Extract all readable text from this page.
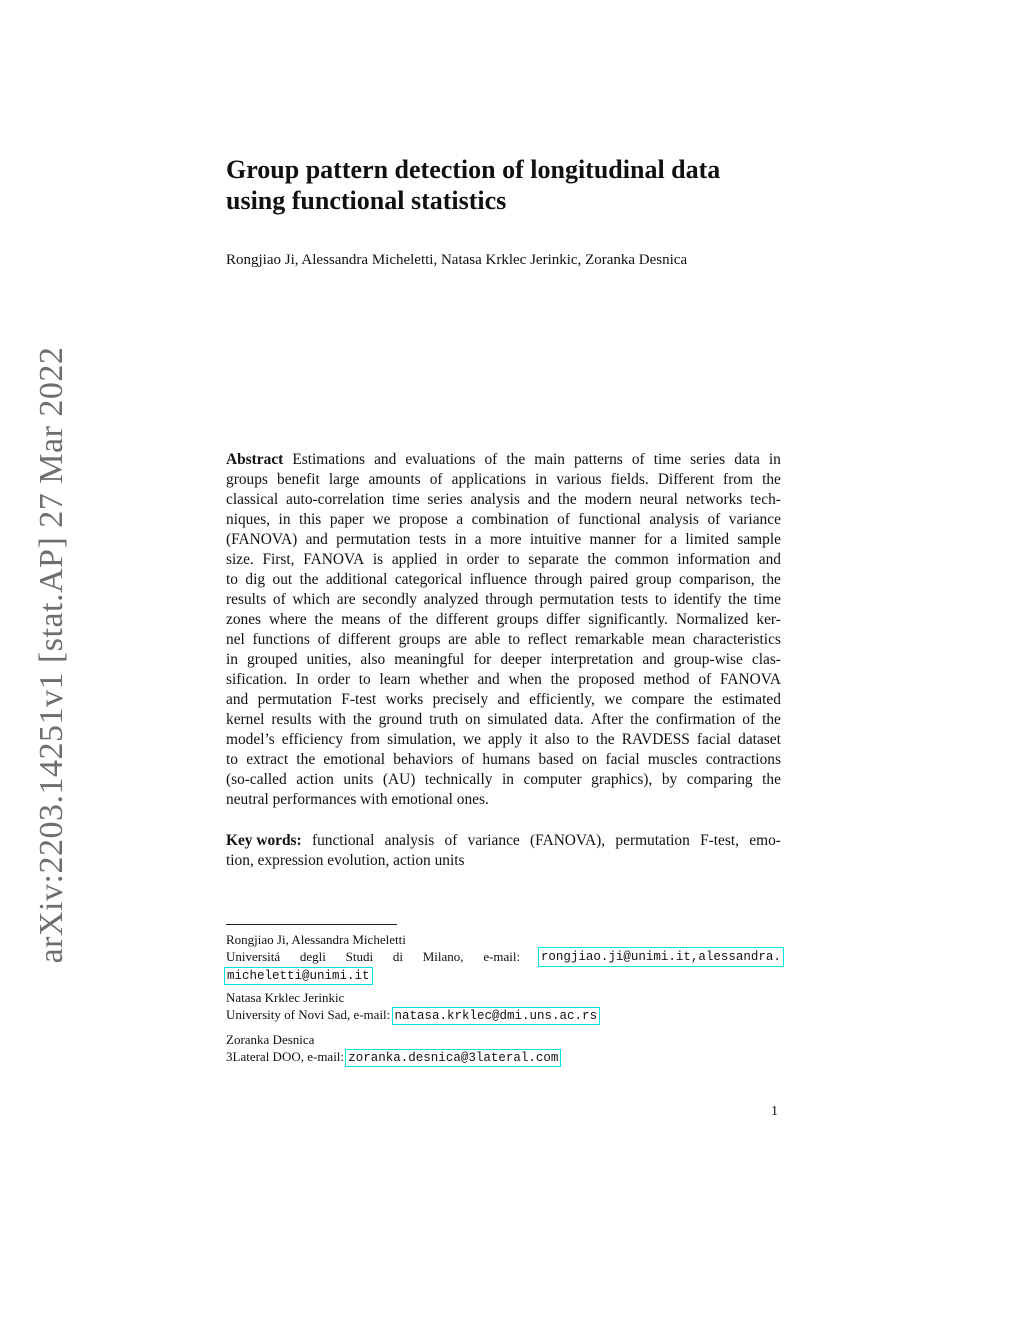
arXiv:2203.14251v1 [stat.AP] 27 Mar 2022
Group pattern detection of longitudinal data
using functional statistics
Rongjiao Ji, Alessandra Micheletti, Natasa Krklec Jerinkic, Zoranka Desnica
Abstract Estimations and evaluations of the main patterns of time series data in
groups benefit large amounts of applications in various fields. Different from the
classical auto-correlation time series analysis and the modern neural networks tech-
niques, in this paper we propose a combination of functional analysis of variance
(FANOVA) and permutation tests in a more intuitive manner for a limited sample
size. First, FANOVA is applied in order to separate the common information and
to dig out the additional categorical influence through paired group comparison, the
results of which are secondly analyzed through permutation tests to identify the time
zones where the means of the different groups differ significantly. Normalized ker-
nel functions of different groups are able to reflect remarkable mean characteristics
in grouped unities, also meaningful for deeper interpretation and group-wise clas-
sification. In order to learn whether and when the proposed method of FANOVA
and permutation F-test works precisely and efficiently, we compare the estimated
kernel results with the ground truth on simulated data. After the confirmation of the
model’s efficiency from simulation, we apply it also to the RAVDESS facial dataset
to extract the emotional behaviors of humans based on facial muscles contractions
(so-called action units (AU) technically in computer graphics), by comparing the
neutral performances with emotional ones.
Key words: functional analysis of variance (FANOVA), permutation F-test, emo-
tion, expression evolution, action units
Rongjiao Ji, Alessandra Micheletti
Universitá degli Studi di Milano, e-mail: rongjiao.ji@unimi.it,alessandra.
micheletti@unimi.it
Natasa Krklec Jerinkic
University of Novi Sad, e-mail: natasa.krklec@dmi.uns.ac.rs
Zoranka Desnica
3Lateral DOO, e-mail: zoranka.desnica@3lateral.com
1
